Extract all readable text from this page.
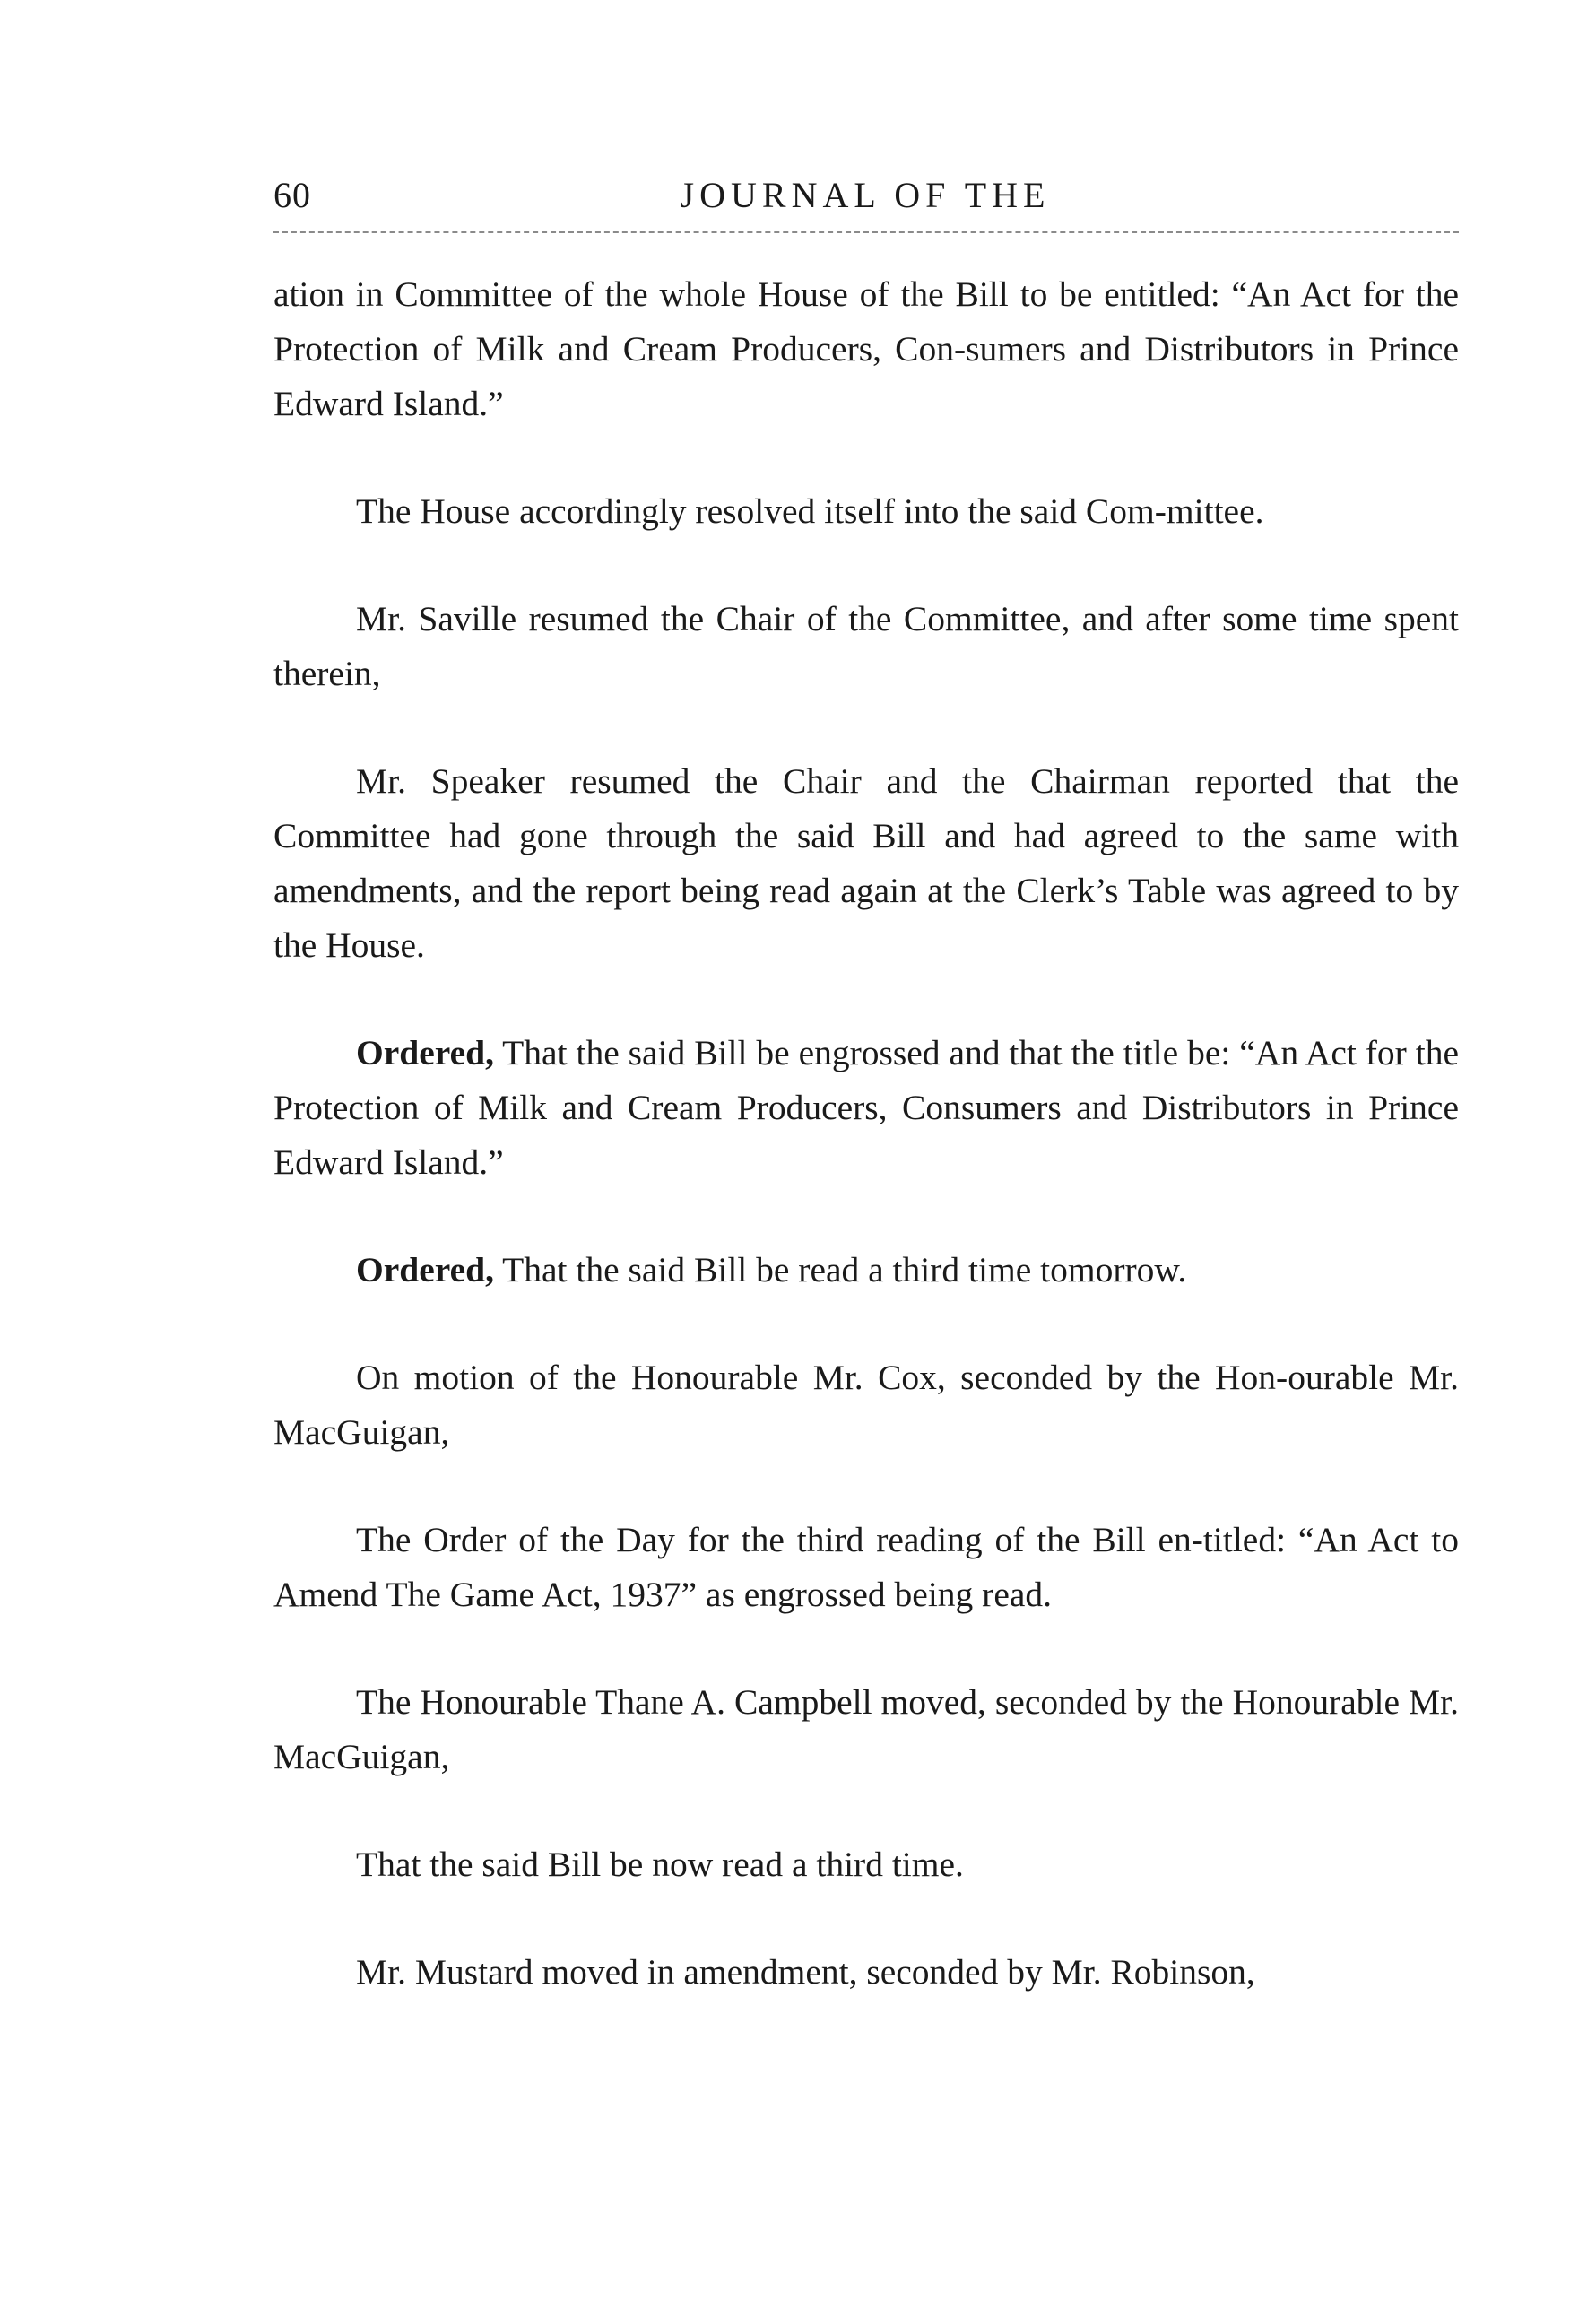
60	JOURNAL OF THE

ation in Committee of the whole House of the Bill to be entitled: “An Act for the Protection of Milk and Cream Producers, Con-sumers and Distributors in Prince Edward Island.”

The House accordingly resolved itself into the said Com-mittee.

Mr. Saville resumed the Chair of the Committee, and after some time spent therein,

Mr. Speaker resumed the Chair and the Chairman reported that the Committee had gone through the said Bill and had agreed to the same with amendments, and the report being read again at the Clerk’s Table was agreed to by the House.

Ordered, That the said Bill be engrossed and that the title be: “An Act for the Protection of Milk and Cream Producers, Consumers and Distributors in Prince Edward Island.”

Ordered, That the said Bill be read a third time tomorrow.

On motion of the Honourable Mr. Cox, seconded by the Hon-ourable Mr. MacGuigan,

The Order of the Day for the third reading of the Bill en-titled: “An Act to Amend The Game Act, 1937” as engrossed being read.

The Honourable Thane A. Campbell moved, seconded by the Honourable Mr. MacGuigan,

That the said Bill be now read a third time.

Mr. Mustard moved in amendment, seconded by Mr. Robinson,
